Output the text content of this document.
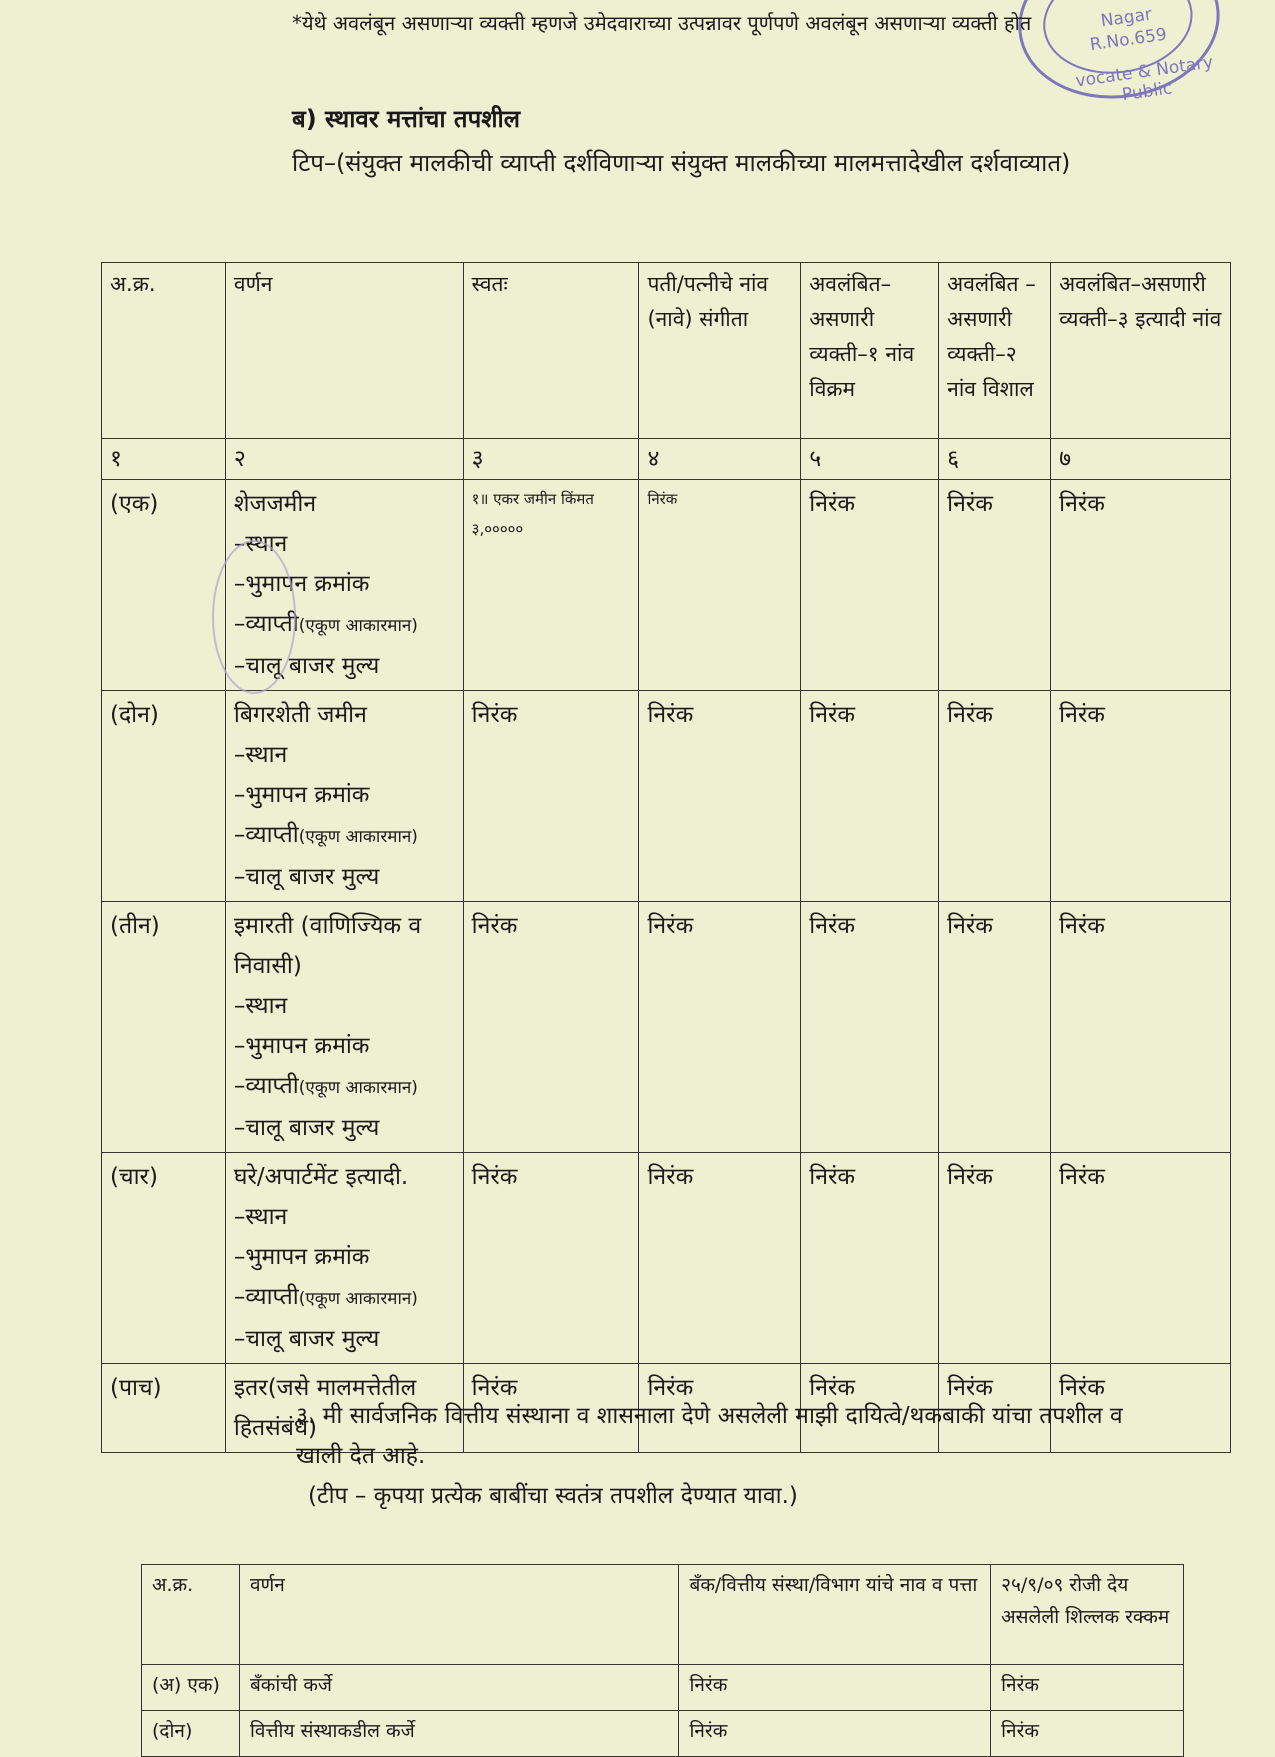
Nagar
R.No.659
vocate & Notary Public
*येथे अवलंबून असणाऱ्या व्यक्ती म्हणजे उमेदवाराच्या उत्पन्नावर पूर्णपणे अवलंबून असणाऱ्या व्यक्ती होत
ब) स्थावर मत्तांचा तपशील
टिप–(संयुक्त मालकीची व्याप्ती दर्शविणाऱ्या संयुक्त मालकीच्या मालमत्तादेखील दर्शवाव्यात)
अ.क्र.	वर्णन	स्वतः	पती/पत्नीचे नांव (नावे) संगीता	अवलंबित–असणारी व्यक्ती–१ नांव विक्रम	अवलंबित –असणारी व्यक्ती–२ नांव विशाल	अवलंबित–असणारी व्यक्ती–३ इत्यादी नांव
१	२	३	४	५	६	७
(एक)	शेजजमीन
–स्थान
–भुमापन क्रमांक
–व्याप्ती(एकूण आकारमान)
–चालू बाजर मुल्य	१॥ एकर जमीन किंमत ३,०००००	निरंक	निरंक	निरंक	निरंक
(दोन)	बिगरशेती जमीन
–स्थान
–भुमापन क्रमांक
–व्याप्ती(एकूण आकारमान)
–चालू बाजर मुल्य	निरंक	निरंक	निरंक	निरंक	निरंक
(तीन)	इमारती (वाणिज्यिक व निवासी)
–स्थान
–भुमापन क्रमांक
–व्याप्ती(एकूण आकारमान)
–चालू बाजर मुल्य	निरंक	निरंक	निरंक	निरंक	निरंक
(चार)	घरे/अपार्टमेंट इत्यादी.
–स्थान
–भुमापन क्रमांक
–व्याप्ती(एकूण आकारमान)
–चालू बाजर मुल्य	निरंक	निरंक	निरंक	निरंक	निरंक
(पाच)	इतर(जसे मालमत्तेतील हितसंबंध)	निरंक	निरंक	निरंक	निरंक	निरंक
३. मी सार्वजनिक वित्तीय संस्थाना व शासनाला देणे असलेली माझी दायित्वे/थकबाकी यांचा तपशील व खाली देत आहे.
(टीप – कृपया प्रत्येक बाबींचा स्वतंत्र तपशील देण्यात यावा.)
अ.क्र.	वर्णन	बँक/वित्तीय संस्था/विभाग यांचे नाव व पत्ता	२५/९/०९ रोजी देय असलेली शिल्लक रक्कम
(अ) एक)	बँकांची कर्जे	निरंक	निरंक
(दोन)	वित्तीय संस्थाकडील कर्जे	निरंक	निरंक
